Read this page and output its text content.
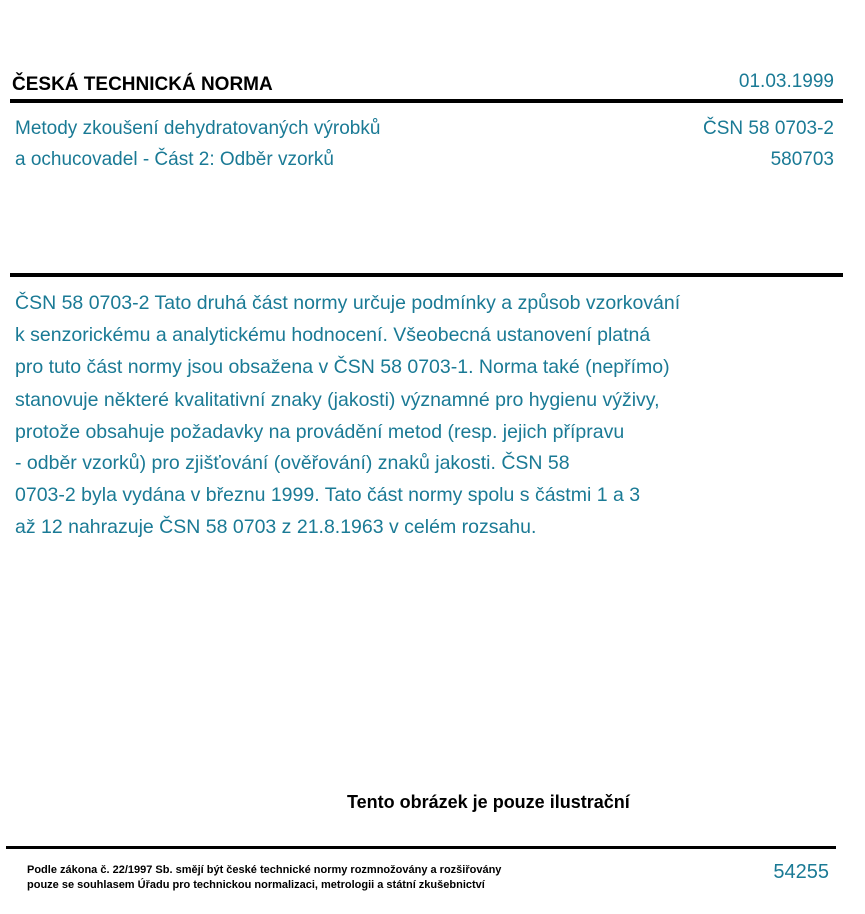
ČESKÁ TECHNICKÁ NORMA	01.03.1999
Metody zkoušení dehydratovaných výrobků
a ochucovadel - Část 2: Odběr vzorků
ČSN 58 0703-2
580703
ČSN 58 0703-2 Tato druhá část normy určuje podmínky a způsob vzorkování
k senzorickému a analytickému hodnocení. Všeobecná ustanovení platná
pro tuto část normy jsou obsažena v ČSN 58 0703-1. Norma také (nepřímo)
stanovuje některé kvalitativní znaky (jakosti) významné pro hygienu výživy,
protože obsahuje požadavky na provádění metod (resp. jejich přípravu
- odběr vzorků) pro zjišťování (ověřování) znaků jakosti. ČSN 58
0703-2 byla vydána v březnu 1999. Tato část normy spolu s částmi 1 a 3
až 12 nahrazuje ČSN 58 0703 z 21.8.1963 v celém rozsahu.
Tento obrázek je pouze ilustrační
Podle zákona č. 22/1997 Sb. smějí být české technické normy rozmnožovány a rozšiřovány
pouze se souhlasem Úřadu pro technickou normalizaci, metrologii a státní zkušebnictví
54255
